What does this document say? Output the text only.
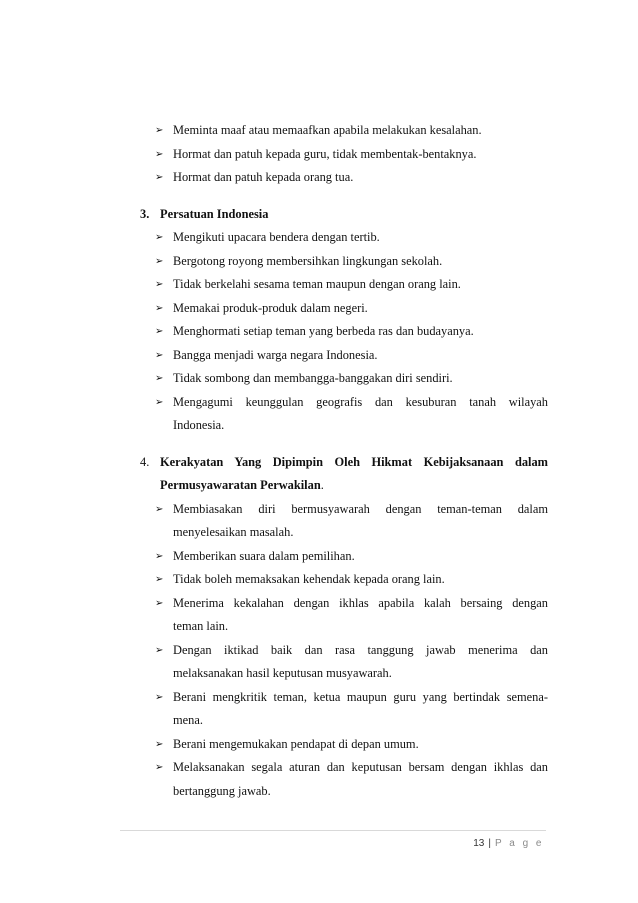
➢ Meminta maaf atau memaafkan apabila melakukan kesalahan.
➢ Hormat dan patuh kepada guru, tidak membentak-bentaknya.
➢ Hormat dan patuh kepada orang tua.
3. Persatuan Indonesia
➢ Mengikuti upacara bendera dengan tertib.
➢ Bergotong royong membersihkan lingkungan sekolah.
➢ Tidak berkelahi sesama teman maupun dengan orang lain.
➢ Memakai produk-produk dalam negeri.
➢ Menghormati setiap teman yang berbeda ras dan budayanya.
➢ Bangga menjadi warga negara Indonesia.
➢ Tidak sombong dan membangga-banggakan diri sendiri.
➢ Mengagumi keunggulan geografis dan kesuburan tanah wilayah
Indonesia.
4. Kerakyatan Yang Dipimpin Oleh Hikmat Kebijaksanaan dalam
Permusyawaratan Perwakilan.
➢ Membiasakan diri bermusyawarah dengan teman-teman dalam
menyelesaikan masalah.
➢ Memberikan suara dalam pemilihan.
➢ Tidak boleh memaksakan kehendak kepada orang lain.
➢ Menerima kekalahan dengan ikhlas apabila kalah bersaing dengan
teman lain.
➢ Dengan iktikad baik dan rasa tanggung jawab menerima dan
melaksanakan hasil keputusan musyawarah.
➢ Berani mengkritik teman, ketua maupun guru yang bertindak semena-
mena.
➢ Berani mengemukakan pendapat di depan umum.
➢ Melaksanakan segala aturan dan keputusan bersam dengan ikhlas dan
bertanggung jawab.
13 | P a g e
